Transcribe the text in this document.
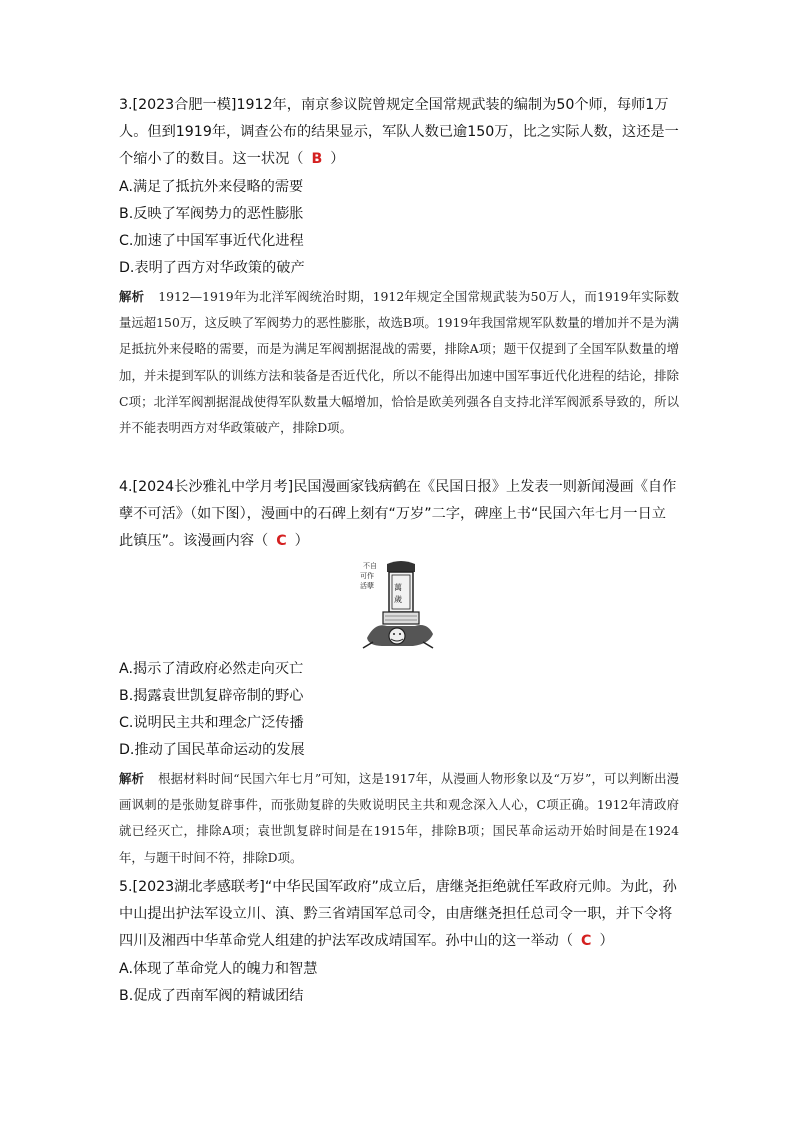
3.[2023合肥一模]1912年，南京参议院曾规定全国常规武装的编制为50个师，每师1万人。但到1919年，调查公布的结果显示，军队人数已逾150万，比之实际人数，这还是一个缩小了的数目。这一状况（ B ）
A.满足了抵抗外来侵略的需要
B.反映了军阀势力的恶性膨胀
C.加速了中国军事近代化进程
D.表明了西方对华政策的破产
解析 1912—1919年为北洋军阀统治时期，1912年规定全国常规武装为50万人，而1919年实际数量远超150万，这反映了军阀势力的恶性膨胀，故选B项。1919年我国常规军队数量的增加并不是为满足抵抗外来侵略的需要，而是为满足军阀割据混战的需要，排除A项；题干仅提到了全国军队数量的增加，并未提到军队的训练方法和装备是否近代化，所以不能得出加速中国军事近代化进程的结论，排除C项；北洋军阀割据混战使得军队数量大幅增加，恰恰是欧美列强各自支持北洋军阀派系导致的，所以并不能表明西方对华政策破产，排除D项。
4.[2024长沙雅礼中学月考]民国漫画家钱病鹤在《民国日报》上发表一则新闻漫画《自作孽不可活》（如下图），漫画中的石碑上刻有“万岁”二字，碑座上书“民国六年七月一日立此镇压”。该漫画内容（ C ）
不自
可作
活孽	萬
歲
A.揭示了清政府必然走向灭亡
B.揭露袁世凯复辟帝制的野心
C.说明民主共和理念广泛传播
D.推动了国民革命运动的发展
解析 根据材料时间“民国六年七月”可知，这是1917年，从漫画人物形象以及“万岁”，可以判断出漫画讽刺的是张勋复辟事件，而张勋复辟的失败说明民主共和观念深入人心，C项正确。1912年清政府就已经灭亡，排除A项；袁世凯复辟时间是在1915年，排除B项；国民革命运动开始时间是在1924年，与题干时间不符，排除D项。
5.[2023湖北孝感联考]“中华民国军政府”成立后，唐继尧拒绝就任军政府元帅。为此，孙中山提出护法军设立川、滇、黔三省靖国军总司令，由唐继尧担任总司令一职，并下令将四川及湘西中华革命党人组建的护法军改成靖国军。孙中山的这一举动（ C ）
A.体现了革命党人的魄力和智慧
B.促成了西南军阀的精诚团结
